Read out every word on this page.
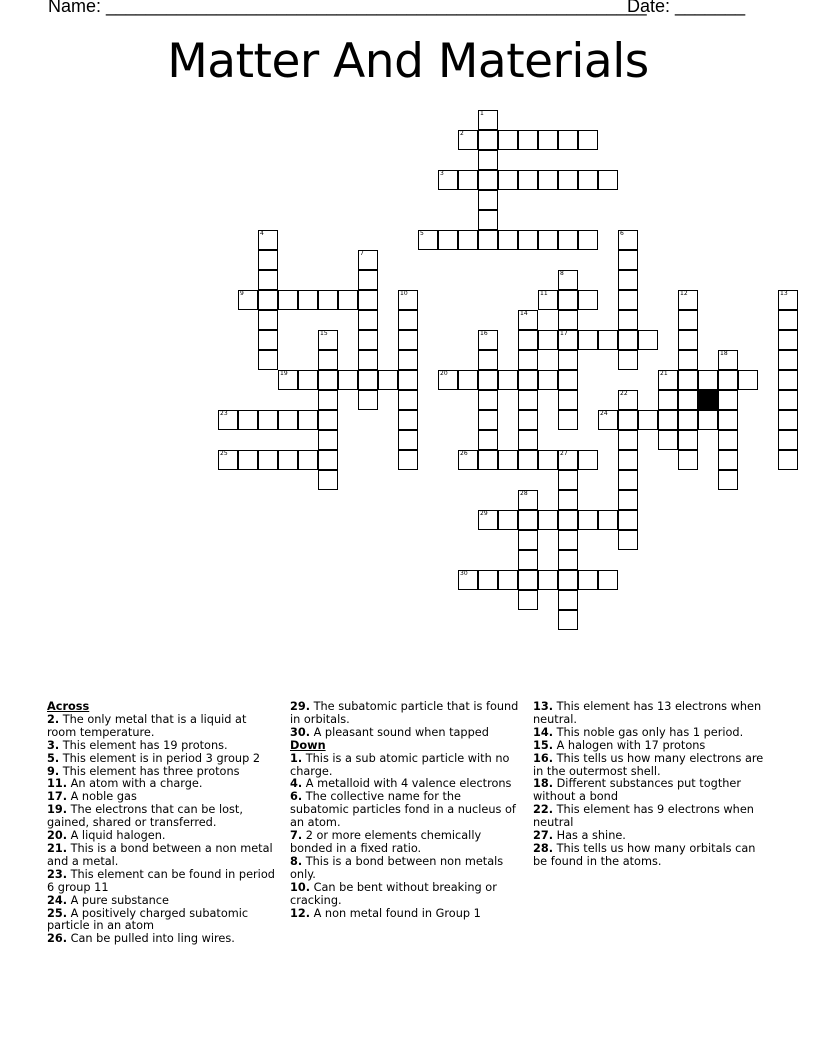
Name: ______________________________________________________
Date: _______
Matter And Materials
1
2
3
5
4
7
9	10
15
19
23
25
6
8
11
14
16	17
20
12	13
18
21
22
24
26	27
28
29
30
Across
2. The only metal that is a liquid at room temperature.
3. This element has 19 protons.
5. This element is in period 3 group 2
9. This element has three protons
11. An atom with a charge.
17. A noble gas
19. The electrons that can be lost, gained, shared or transferred.
20. A liquid halogen.
21. This is a bond between a non metal and a metal.
23. This element can be found in period 6 group 11
24. A pure substance
25. A positively charged subatomic particle in an atom
26. Can be pulled into ling wires.
29. The subatomic particle that is found in orbitals.
30. A pleasant sound when tapped
Down
1. This is a sub atomic particle with no charge.
4. A metalloid with 4 valence electrons
6. The collective name for the subatomic particles fond in a nucleus of an atom.
7. 2 or more elements chemically bonded in a fixed ratio.
8. This is a bond between non metals only.
10. Can be bent without breaking or cracking.
12. A non metal found in Group 1
13. This element has 13 electrons when neutral.
14. This noble gas only has 1 period.
15. A halogen with 17 protons
16. This tells us how many electrons are in the outermost shell.
18. Different substances put togther without a bond
22. This element has 9 electrons when neutral
27. Has a shine.
28. This tells us how many orbitals can be found in the atoms.
